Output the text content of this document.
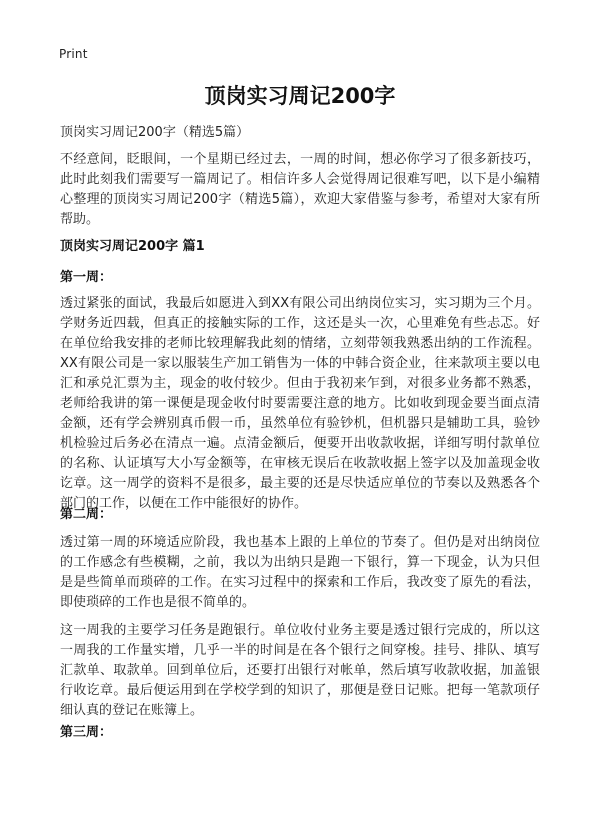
Print
顶岗实习周记200字

顶岗实习周记200字（精选5篇）

不经意间，眨眼间，一个星期已经过去，一周的时间，想必你学习了很多新技巧，此时此刻我们需要写一篇周记了。相信许多人会觉得周记很难写吧，以下是小编精心整理的顶岗实习周记200字（精选5篇），欢迎大家借鉴与参考，希望对大家有所帮助。

顶岗实习周记200字 篇1

第一周：

透过紧张的面试，我最后如愿进入到XX有限公司出纳岗位实习，实习期为三个月。学财务近四载，但真正的接触实际的工作，这还是头一次，心里难免有些忐忑。好在单位给我安排的老师比较理解我此刻的情绪，立刻带领我熟悉出纳的工作流程。XX有限公司是一家以服装生产加工销售为一体的中韩合资企业，往来款项主要以电汇和承兑汇票为主，现金的收付较少。但由于我初来乍到，对很多业务都不熟悉，老师给我讲的第一课便是现金收付时要需要注意的地方。比如收到现金要当面点清金额，还有学会辨别真币假一币，虽然单位有验钞机，但机器只是辅助工具，验钞机检验过后务必在清点一遍。点清金额后，便要开出收款收据，详细写明付款单位的名称、认证填写大小写金额等，在审核无误后在收款收据上签字以及加盖现金收讫章。这一周学的资料不是很多，最主要的还是尽快适应单位的节奏以及熟悉各个部门的工作，以便在工作中能很好的协作。

第二周：

透过第一周的环境适应阶段，我也基本上跟的上单位的节奏了。但仍是对出纳岗位的工作感念有些模糊，之前，我以为出纳只是跑一下银行，算一下现金，认为只但是是些简单而琐碎的工作。在实习过程中的探索和工作后，我改变了原先的看法，即使琐碎的工作也是很不简单的。

这一周我的主要学习任务是跑银行。单位收付业务主要是透过银行完成的，所以这一周我的工作量实增，几乎一半的时间是在各个银行之间穿梭。挂号、排队、填写汇款单、取款单。回到单位后，还要打出银行对帐单，然后填写收款收据，加盖银行收讫章。最后便运用到在学校学到的知识了，那便是登日记账。把每一笔款项仔细认真的登记在账簿上。

第三周：
